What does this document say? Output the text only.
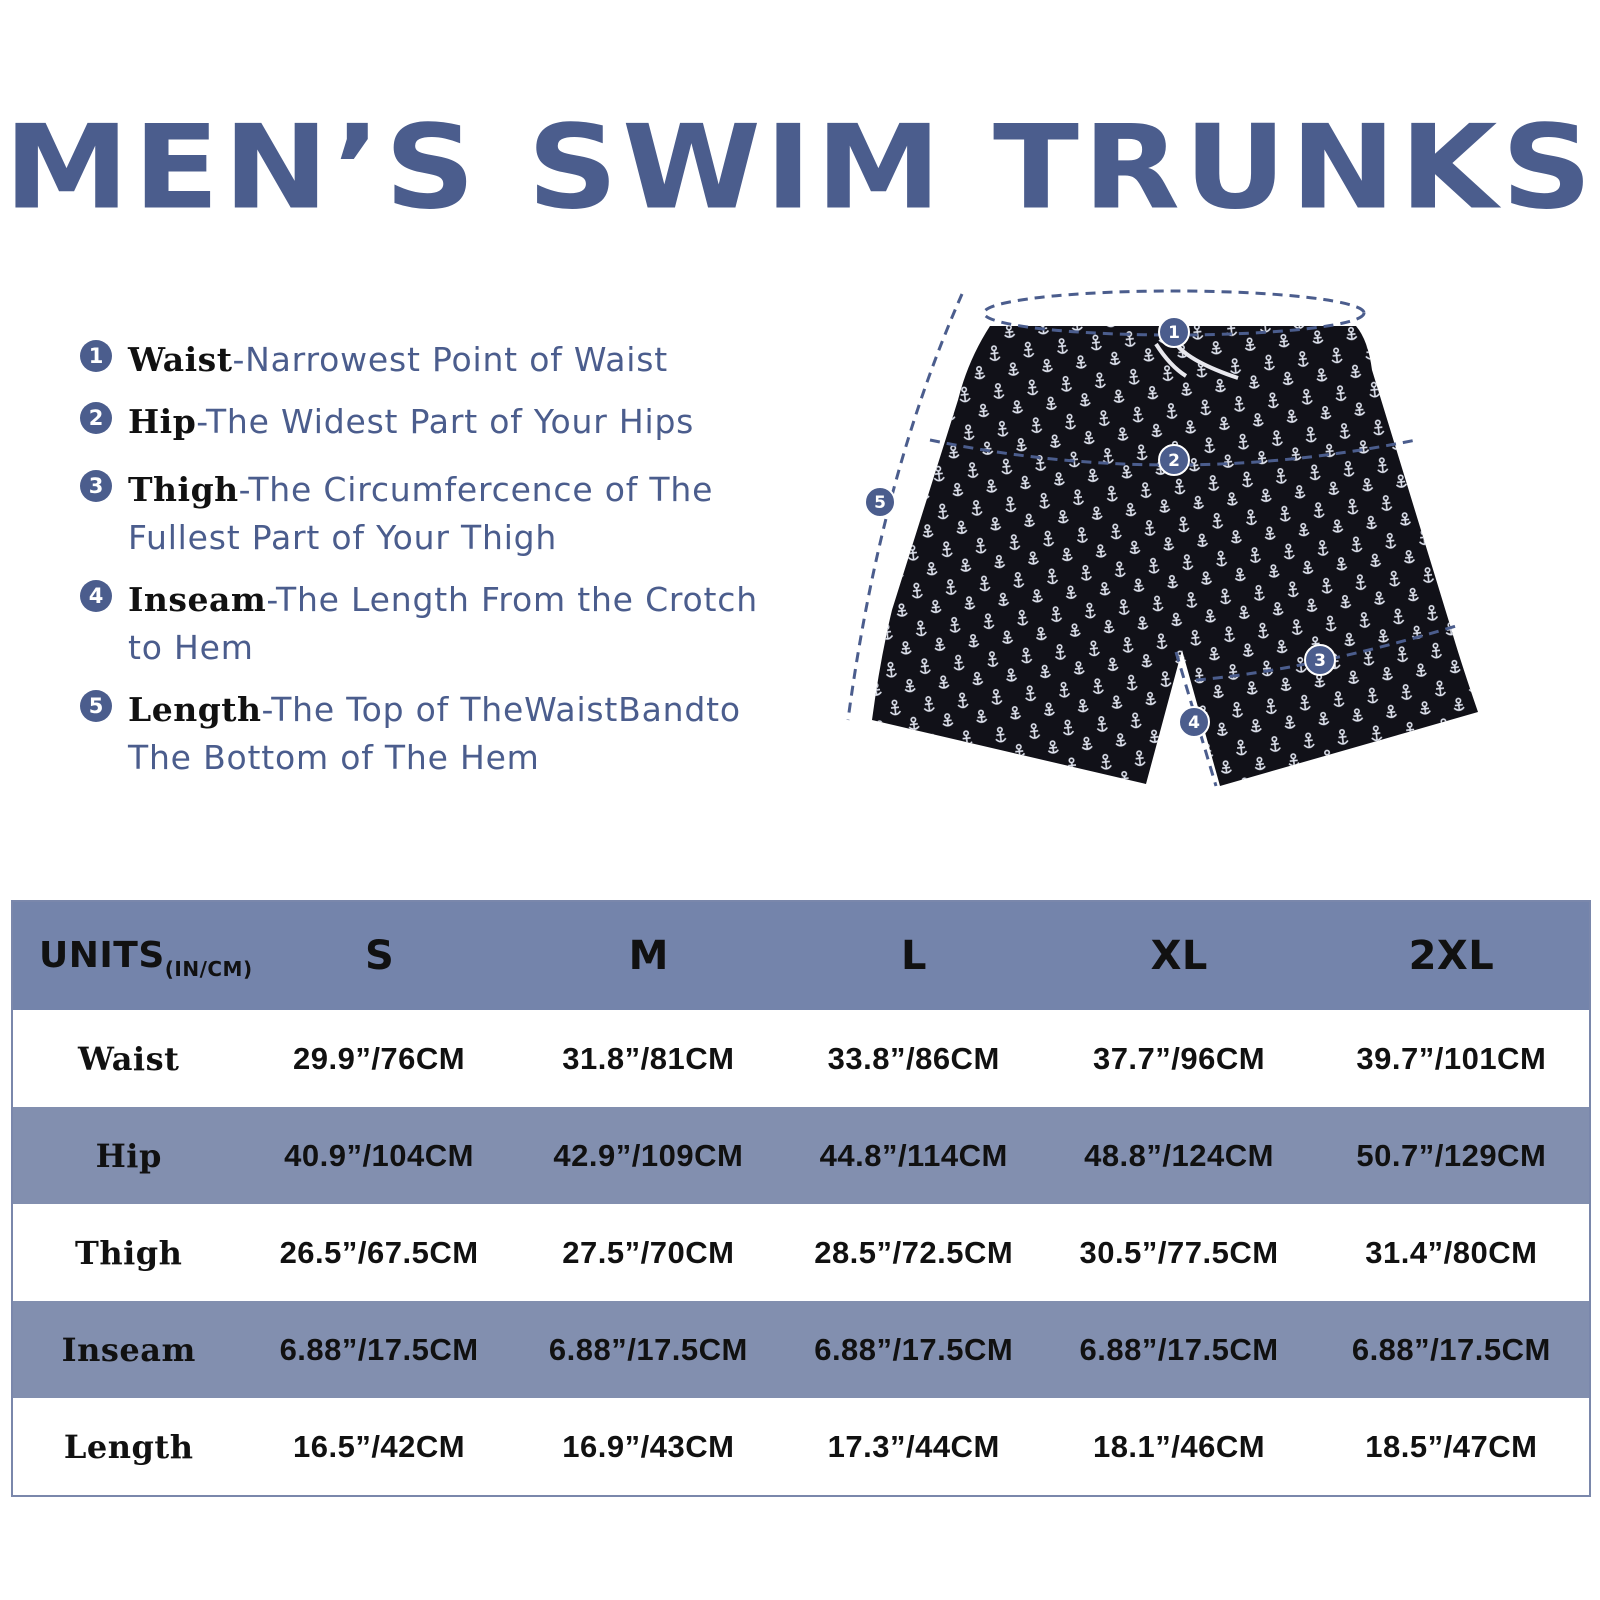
MEN’S SWIM TRUNKS
1 Waist-Narrowest Point of Waist
2 Hip-The Widest Part of Your Hips
3 Thigh-The Circumfercence of The
Fullest Part of Your Thigh
4 Inseam-The Length From the Crotch
to Hem
5 Length-The Top of TheWaistBandto
The Bottom of The Hem
1
2
3
4
5
$UNITS_{(IN/CM)}$	S	M	L	XL	2XL
Waist	29.9”/76CM	31.8”/81CM	33.8”/86CM	37.7”/96CM	39.7”/101CM
Hip	40.9”/104CM	42.9”/109CM	44.8”/114CM	48.8”/124CM	50.7”/129CM
Thigh	26.5”/67.5CM	27.5”/70CM	28.5”/72.5CM	30.5”/77.5CM	31.4”/80CM
Inseam	6.88”/17.5CM	6.88”/17.5CM	6.88”/17.5CM	6.88”/17.5CM	6.88”/17.5CM
Length	16.5”/42CM	16.9”/43CM	17.3”/44CM	18.1”/46CM	18.5”/47CM
